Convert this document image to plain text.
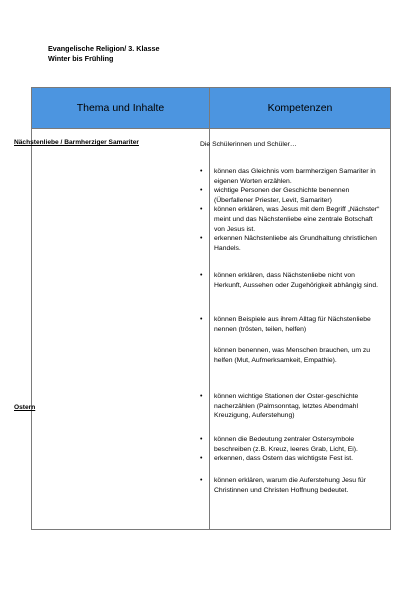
Evangelische Religion/ 3. Klasse
Winter bis Frühling
Thema und Inhalte	Kompetenzen
Nächstenliebe / Barmherziger Samariter
Ostern
Die Schülerinnen und Schüler…
• können das Gleichnis vom barmherzigen Samariter in eigenen Worten erzählen.
• wichtige Personen der Geschichte benennen (Überfallener Priester, Levit, Samariter)
• können erklären, was Jesus mit dem Begriff „Nächster“ meint und das Nächstenliebe eine zentrale Botschaft von Jesus ist.
• erkennen Nächstenliebe als Grundhaltung christlichen Handels.
• können erklären, dass Nächstenliebe nicht von Herkunft, Aussehen oder Zugehörigkeit abhängig sind.
• können Beispiele aus ihrem Alltag für Nächstenliebe nennen (trösten, teilen, helfen)
können benennen, was Menschen brauchen, um zu helfen (Mut, Aufmerksamkeit, Empathie).
• können wichtige Stationen der Oster-geschichte nacherzählen (Palmsonntag, letztes Abendmahl Kreuzigung, Auferstehung)
• können die Bedeutung zentraler Ostersymbole beschreiben (z.B. Kreuz, leeres Grab, Licht, Ei).
• erkennen, dass Ostern das wichtigste Fest ist.
• können erklären, warum die Auferstehung Jesu für Christinnen und Christen Hoffnung bedeutet.
